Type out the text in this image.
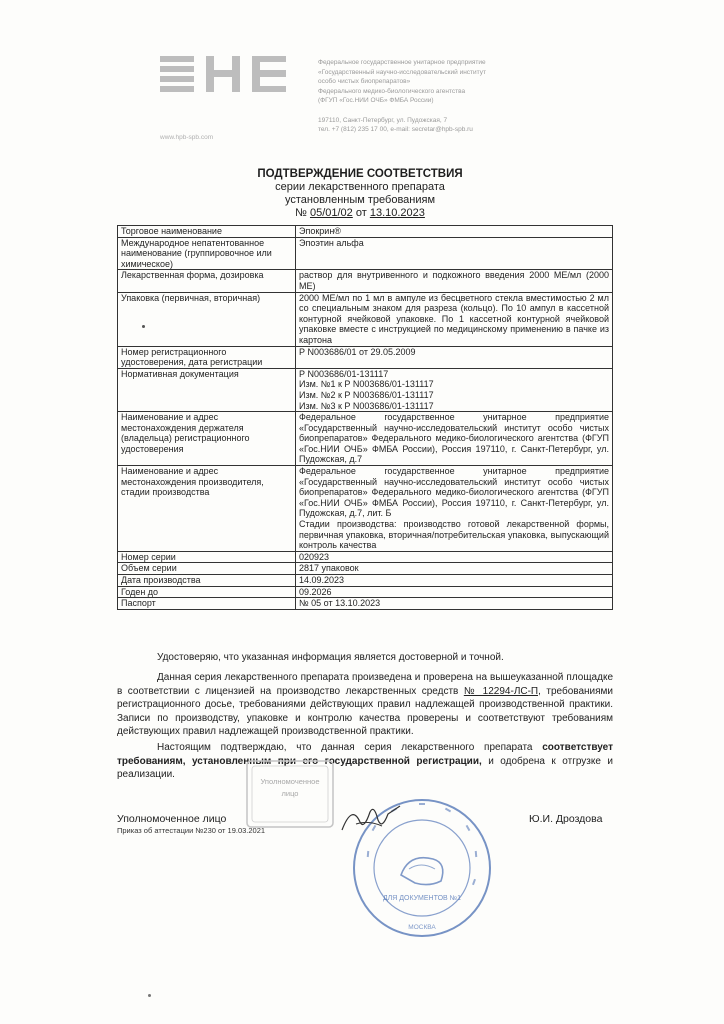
Федеральное государственное унитарное предприятие
«Государственный научно-исследовательский институт
особо чистых биопрепаратов»
Федерального медико-биологического агентства
(ФГУП «Гос.НИИ ОЧБ» ФМБА России)
197110, Санкт-Петербург, ул. Пудожская, 7
тел. +7 (812) 235 17 00, e-mail: secretar@hpb-spb.ru
www.hpb-spb.com
ПОДТВЕРЖДЕНИЕ СООТВЕТСТВИЯ
серии лекарственного препарата
установленным требованиям
№ 05/01/02 от 13.10.2023
Торговое наименование	Эпокрин®
Международное непатентованное наименование (группировочное или химическое)	Эпоэтин альфа
Лекарственная форма, дозировка	раствор для внутривенного и подкожного введения 2000 МЕ/мл (2000 МЕ)
Упаковка (первичная, вторичная)	2000 МЕ/мл по 1 мл в ампуле из бесцветного стекла вместимостью 2 мл со специальным знаком для разреза (кольцо). По 10 ампул в кассетной контурной ячейковой упаковке. По 1 кассетной контурной ячейковой упаковке вместе с инструкцией по медицинскому применению в пачке из картона
Номер регистрационного удостоверения, дата регистрации	Р N003686/01 от 29.05.2009
Нормативная документация	Р N003686/01-131117
Изм. №1 к Р N003686/01-131117
Изм. №2 к Р N003686/01-131117
Изм. №3 к Р N003686/01-131117

Наименование и адрес местонахождения держателя (владельца) регистрационного удостоверения	Федеральное государственное унитарное предприятие «Государственный научно-исследовательский институт особо чистых биопрепаратов» Федерального медико-биологического агентства (ФГУП «Гос.НИИ ОЧБ» ФМБА России), Россия 197110, г. Санкт-Петербург, ул. Пудожская, д.7
Наименование и адрес местонахождения производителя, стадии производства	Федеральное государственное унитарное предприятие «Государственный научно-исследовательский институт особо чистых биопрепаратов» Федерального медико-биологического агентства (ФГУП «Гос.НИИ ОЧБ» ФМБА России), Россия 197110, г. Санкт-Петербург, ул. Пудожская, д.7, лит. Б
Стадии производства: производство готовой лекарственной формы, первичная упаковка, вторичная/потребительская упаковка, выпускающий контроль качества

Номер серии	020923
Объем серии	2817 упаковок
Дата производства	14.09.2023
Годен до	09.2026
Паспорт	№ 05 от 13.10.2023
Удостоверяю, что указанная информация является достоверной и точной.
Данная серия лекарственного препарата произведена и проверена на вышеуказанной площадке в соответствии с лицензией на производство лекарственных средств № 12294-ЛС-П, требованиями регистрационного досье, требованиями действующих правил надлежащей производственной практики. Записи по производству, упаковке и контролю качества проверены и соответствуют требованиям действующих правил надлежащей производственной практики.
Настоящим подтверждаю, что данная серия лекарственного препарата соответствует требованиям, установленным при его государственной регистрации, и одобрена к отгрузке и реализации.
Уполномоченное
лицо
ДЛЯ ДОКУМЕНТОВ №1
МОСКВА
Уполномоченное лицо
Приказ об аттестации №230 от 19.03.2021
Ю.И. Дроздова
